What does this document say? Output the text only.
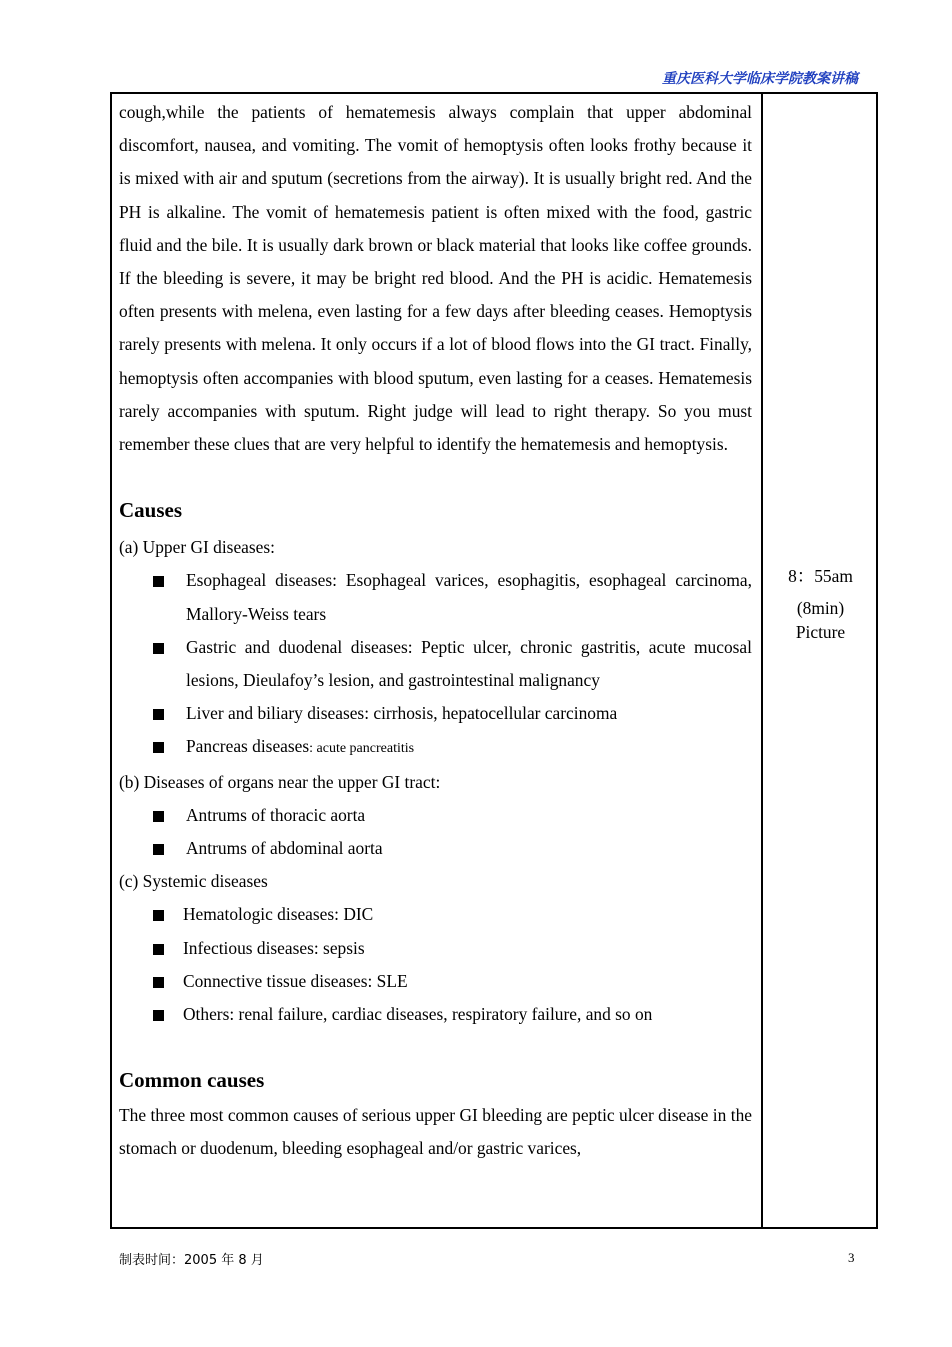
重庆医科大学临床学院教案讲稿

cough,while the patients of hematemesis always complain that upper abdominal discomfort, nausea, and vomiting. The vomit of hemoptysis often looks frothy because it is mixed with air and sputum (secretions from the airway). It is usually bright red. And the PH is alkaline. The vomit of hematemesis patient is often mixed with the food, gastric fluid and the bile. It is usually dark brown or black material that looks like coffee grounds. If the bleeding is severe, it may be bright red blood. And the PH is acidic. Hematemesis often presents with melena, even lasting for a few days after bleeding ceases. Hemoptysis rarely presents with melena. It only occurs if a lot of blood flows into the GI tract. Finally, hemoptysis often accompanies with blood sputum, even lasting for a ceases. Hematemesis rarely accompanies with sputum. Right judge will lead to right therapy. So you must remember these clues that are very helpful to identify the hematemesis and hemoptysis.

Causes

(a) Upper GI diseases:

Esophageal diseases: Esophageal varices, esophagitis, esophageal carcinoma, Mallory-Weiss tears
Gastric and duodenal diseases: Peptic ulcer, chronic gastritis, acute mucosal lesions, Dieulafoy’s lesion, and gastrointestinal malignancy
Liver and biliary diseases: cirrhosis, hepatocellular carcinoma
Pancreas diseases: acute pancreatitis

(b) Diseases of organs near the upper GI tract:

Antrums of thoracic aorta
Antrums of abdominal aorta

(c) Systemic diseases

Hematologic diseases: DIC
Infectious diseases: sepsis
Connective tissue diseases: SLE
Others: renal failure, cardiac diseases, respiratory failure, and so on

Common causes

The three most common causes of serious upper GI bleeding are peptic ulcer disease in the stomach or duodenum, bleeding esophageal and/or gastric varices,

8：55am
(8min)
Picture
制表时间：2005 年 8 月	3
